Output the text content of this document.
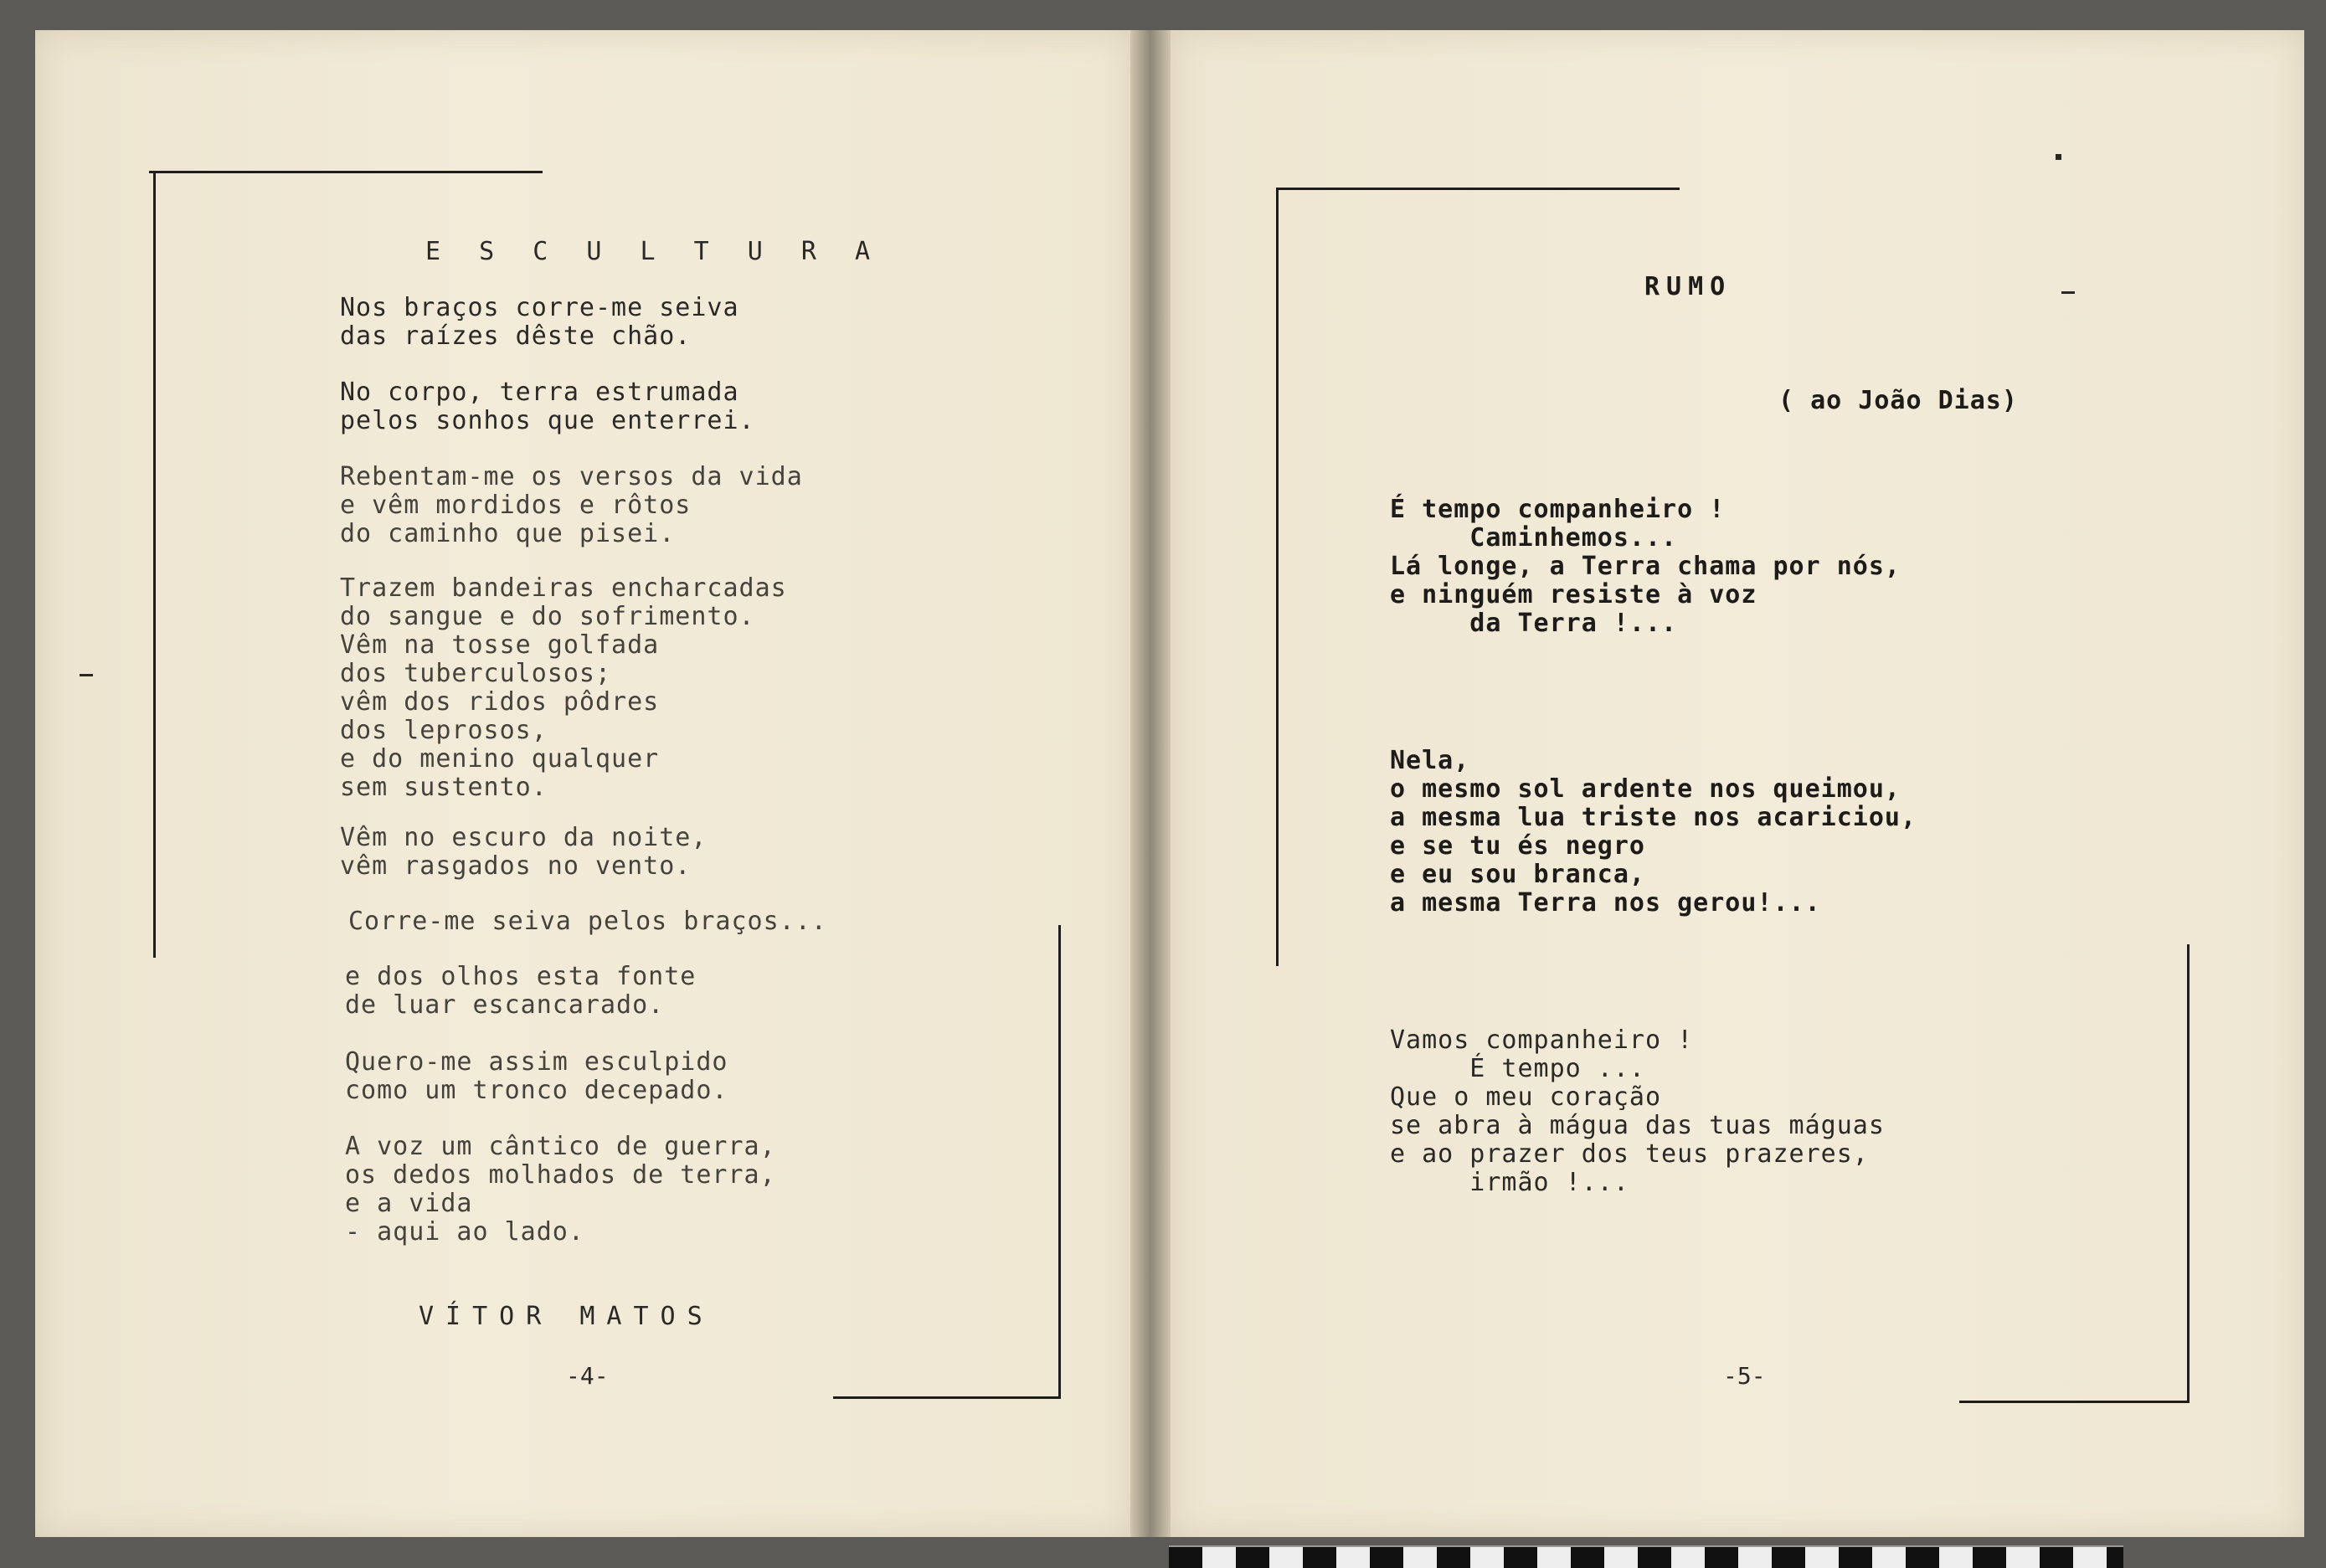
E S C U L T U R A
Nos braços corre-me seiva
das raízes dêste chão.
No corpo, terra estrumada
pelos sonhos que enterrei.
Rebentam-me os versos da vida
e vêm mordidos e rôtos
do caminho que pisei.
Trazem bandeiras encharcadas
do sangue e do sofrimento.
Vêm na tosse golfada
dos tuberculosos;
vêm dos ridos pôdres
dos leprosos,
e do menino qualquer
sem sustento.
Vêm no escuro da noite,
vêm rasgados no vento.
Corre-me seiva pelos braços...
e dos olhos esta fonte
de luar escancarado.
Quero-me assim esculpido
como um tronco decepado.
A voz um cântico de guerra,
os dedos molhados de terra,
e a vida
- aqui ao lado.
VÍTOR MATOS
-4-
RUMO
( ao João Dias)
É tempo companheiro !
Caminhemos...
Lá longe, a Terra chama por nós,
e ninguém resiste à voz
da Terra !...
Nela,
o mesmo sol ardente nos queimou,
a mesma lua triste nos acariciou,
e se tu és negro
e eu sou branca,
a mesma Terra nos gerou!...
Vamos companheiro !
É tempo ...
Que o meu coração
se abra à mágua das tuas máguas
e ao prazer dos teus prazeres,
irmão !...
-5-
